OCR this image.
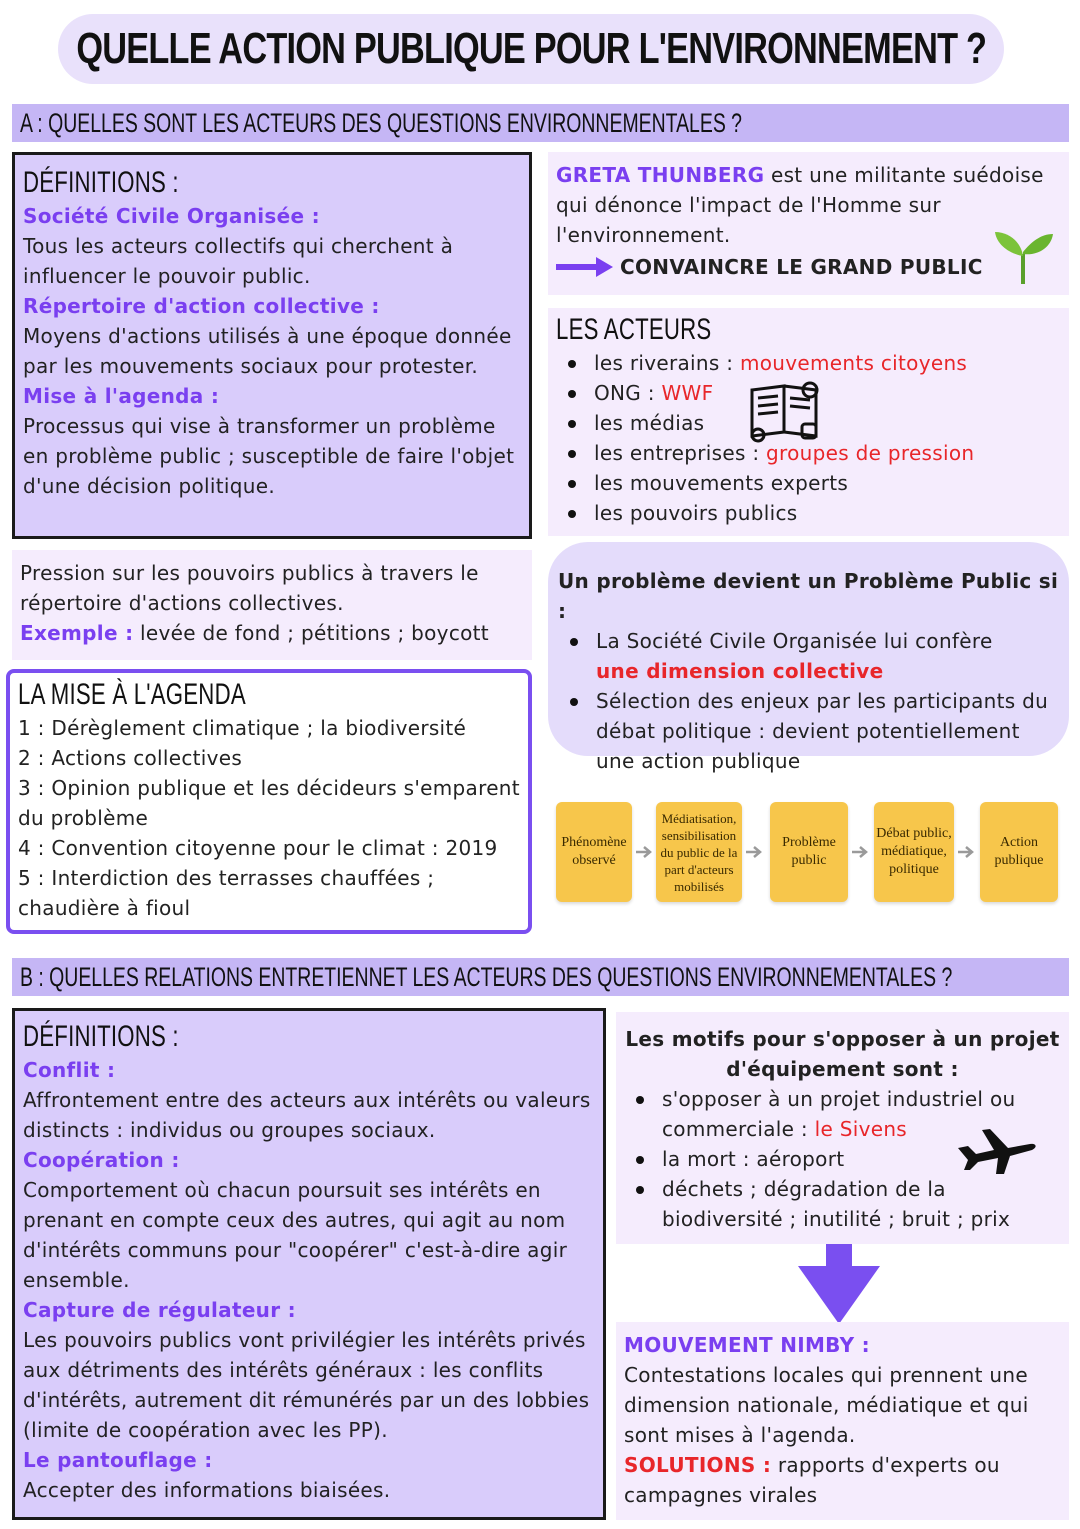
QUELLE ACTION PUBLIQUE POUR L'ENVIRONNEMENT ?
A : QUELLES SONT LES ACTEURS DES QUESTIONS ENVIRONNEMENTALES ?
DÉFINITIONS :
Société Civile Organisée :
Tous les acteurs collectifs qui cherchent à influencer le pouvoir public.
Répertoire d'action collective :
Moyens d'actions utilisés à une époque donnée par les mouvements sociaux pour protester.
Mise à l'agenda :
Processus qui vise à transformer un problème en problème public ; susceptible de faire l'objet d'une décision politique.
Pression sur les pouvoirs publics à travers le répertoire d'actions collectives.
Exemple : levée de fond ; pétitions ; boycott
LA MISE À L'AGENDA
1 : Dérèglement climatique ; la biodiversité
2 : Actions collectives
3 : Opinion publique et les décideurs s'emparent du problème
4 : Convention citoyenne pour le climat : 2019
5 : Interdiction des terrasses chauffées ; chaudière à fioul
GRETA THUNBERG est une militante suédoise qui dénonce l'impact de l'Homme sur l'environnement.
CONVAINCRE LE GRAND PUBLIC
LES ACTEURS
les riverains : mouvements citoyens
ONG : WWF
les médias
les entreprises : groupes de pression
les mouvements experts
les pouvoirs publics
Un problème devient un Problème Public si :
La Société Civile Organisée lui confère
une dimension collective
Sélection des enjeux par les participants du débat politique : devient potentiellement une action publique
Phénomène observé
Médiatisation, sensibilisation du public de la part d'acteurs mobilisés
Problème public
Débat public, médiatique, politique
Action publique
B : QUELLES RELATIONS ENTRETIENNET LES ACTEURS DES QUESTIONS ENVIRONNEMENTALES ?
DÉFINITIONS :
Conflit :
Affrontement entre des acteurs aux intérêts ou valeurs distincts : individus ou groupes sociaux.
Coopération :
Comportement où chacun poursuit ses intérêts en prenant en compte ceux des autres, qui agit au nom d'intérêts communs pour "coopérer" c'est-à-dire agir ensemble.
Capture de régulateur :
Les pouvoirs publics vont privilégier les intérêts privés aux détriments des intérêts généraux : les conflits d'intérêts, autrement dit rémunérés par un des lobbies (limite de coopération avec les PP).
Le pantouflage :
Accepter des informations biaisées.
Les motifs pour s'opposer à un projet d'équipement sont :
s'opposer à un projet industriel ou commerciale : le Sivens
la mort : aéroport
déchets ; dégradation de la biodiversité ; inutilité ; bruit ; prix
MOUVEMENT NIMBY :
Contestations locales qui prennent une dimension nationale, médiatique et qui sont mises à l'agenda.
SOLUTIONS : rapports d'experts ou campagnes virales
